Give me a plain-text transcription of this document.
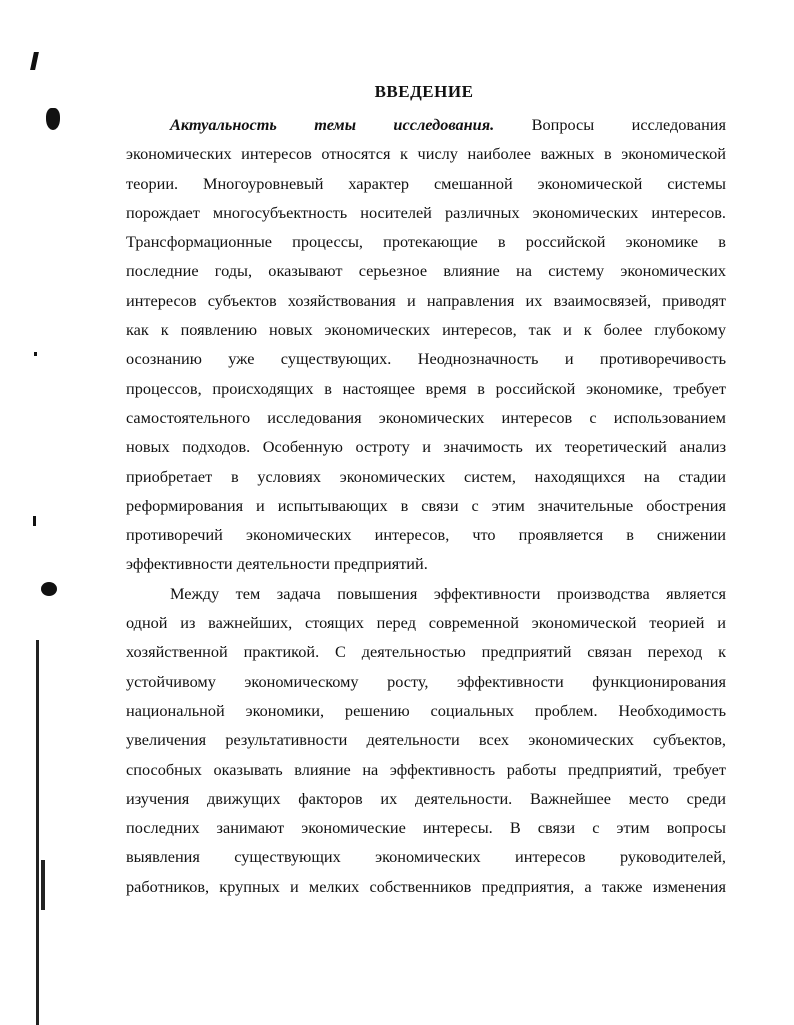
ВВЕДЕНИЕ
Актуальность темы исследования. Вопросы исследования
экономических интересов относятся к числу наиболее важных в экономической
теории. Многоуровневый характер смешанной экономической системы
порождает многосубъектность носителей различных экономических интересов.
Трансформационные процессы, протекающие в российской экономике в
последние годы, оказывают серьезное влияние на систему экономических
интересов субъектов хозяйствования и направления их взаимосвязей, приводят
как к появлению новых экономических интересов, так и к более глубокому
осознанию уже существующих. Неоднозначность и противоречивость
процессов, происходящих в настоящее время в российской экономике, требует
самостоятельного исследования экономических интересов с использованием
новых подходов. Особенную остроту и значимость их теоретический анализ
приобретает в условиях экономических систем, находящихся на стадии
реформирования и испытывающих в связи с этим значительные обострения
противоречий экономических интересов, что проявляется в снижении
эффективности деятельности предприятий.
Между тем задача повышения эффективности производства является
одной из важнейших, стоящих перед современной экономической теорией и
хозяйственной практикой. С деятельностью предприятий связан переход к
устойчивому экономическому росту, эффективности функционирования
национальной экономики, решению социальных проблем. Необходимость
увеличения результативности деятельности всех экономических субъектов,
способных оказывать влияние на эффективность работы предприятий, требует
изучения движущих факторов их деятельности. Важнейшее место среди
последних занимают экономические интересы. В связи с этим вопросы
выявления существующих экономических интересов руководителей,
работников, крупных и мелких собственников предприятия, а также изменения
